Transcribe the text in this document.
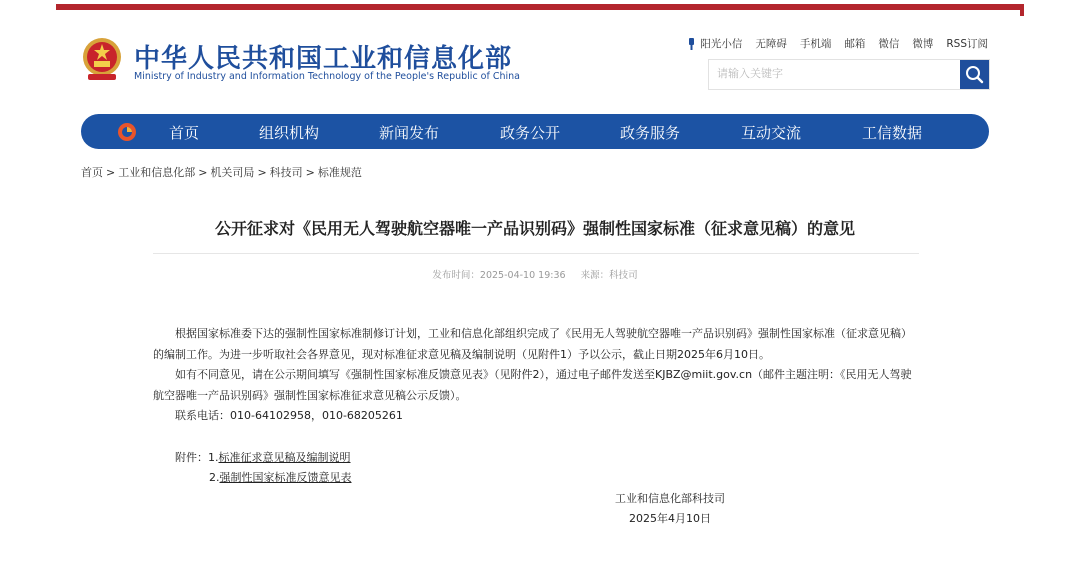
中华人民共和国工业和信息化部
Ministry of Industry and Information Technology of the People's Republic of China
阳光小信 无障碍 手机端 邮箱 微信 微博 RSS订阅
请输入关键字
首页	组织机构	新闻发布	政务公开	政务服务	互动交流	工信数据
首页 > 工业和信息化部 > 机关司局 > 科技司 > 标准规范
公开征求对《民用无人驾驶航空器唯一产品识别码》强制性国家标准（征求意见稿）的意见
发布时间：2025-04-10 19:36 来源：科技司

根据国家标准委下达的强制性国家标准制修订计划，工业和信息化部组织完成了《民用无人驾驶航空器唯一产品识别码》强制性国家标准（征求意见稿）的编制工作。为进一步听取社会各界意见，现对标准征求意见稿及编制说明（见附件1）予以公示，截止日期2025年6月10日。

如有不同意见，请在公示期间填写《强制性国家标准反馈意见表》（见附件2），通过电子邮件发送至KJBZ@miit.gov.cn（邮件主题注明：《民用无人驾驶航空器唯一产品识别码》强制性国家标准征求意见稿公示反馈）。

联系电话：010-64102958，010-68205261

附件：1.标准征求意见稿及编制说明
2.强制性国家标准反馈意见表
工业和信息化部科技司
2025年4月10日
